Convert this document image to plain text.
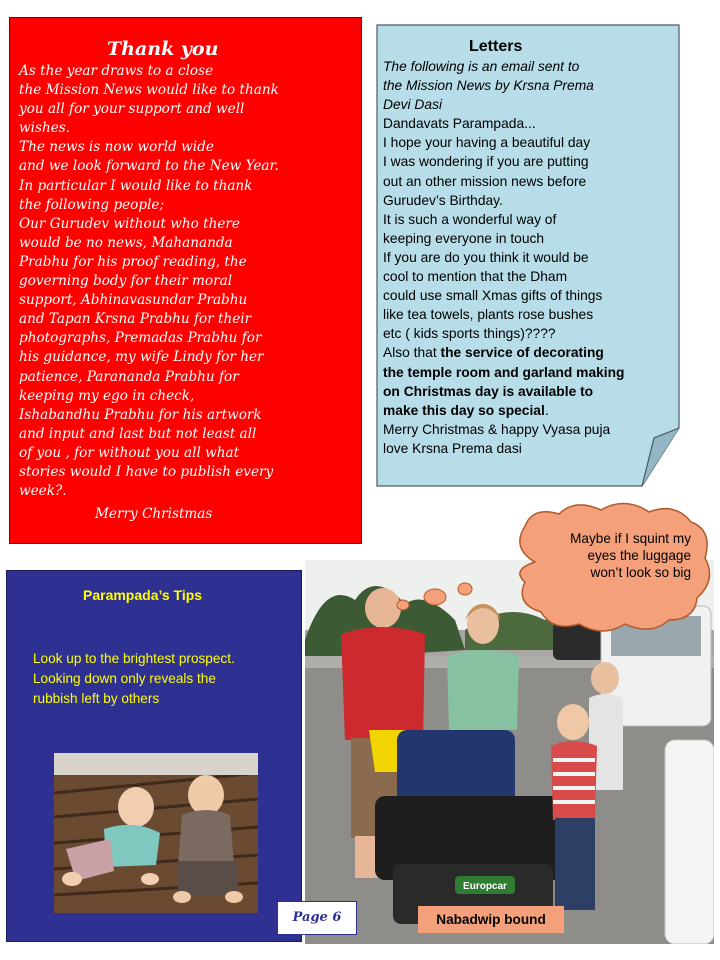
Thank you
As the year draws to a close
the Mission News would like to thank
you all for your support and well
wishes.
The news is now world wide
and we look forward to the New Year.
In particular I would like to thank
the following people;
Our Gurudev without who there
would be no news, Mahananda
Prabhu for his proof reading, the
governing body for their moral
support, Abhinavasundar Prabhu
and Tapan Krsna Prabhu for their
photographs, Premadas Prabhu for
his guidance, my wife Lindy for her
patience, Parananda Prabhu for
keeping my ego in check,
Ishabandhu Prabhu for his artwork
and input and last but not least all
of you , for without you all what
stories would I have to publish every
week?.
Merry Christmas
Letters
The following is an email sent to
the Mission News by Krsna Prema
Devi Dasi
Dandavats Parampada...
I hope your having a beautiful day
I was wondering if you are putting
out an other mission news before
Gurudev’s Birthday.
It is such a wonderful way of
keeping everyone in touch
If you are do you think it would be
cool to mention that the Dham
could use small Xmas gifts of things
like tea towels, plants rose bushes
etc ( kids sports things)????
Also that the service of decorating
the temple room and garland making
on Christmas day is available to
make this day so special.
Merry Christmas & happy Vyasa puja
love Krsna Prema dasi
Parampada’s Tips
Look up to the brightest prospect.
Looking down only reveals the
rubbish left by others
Europcar
Maybe if I squint my
eyes the luggage
won’t look so big
Page 6	Nabadwip bound
